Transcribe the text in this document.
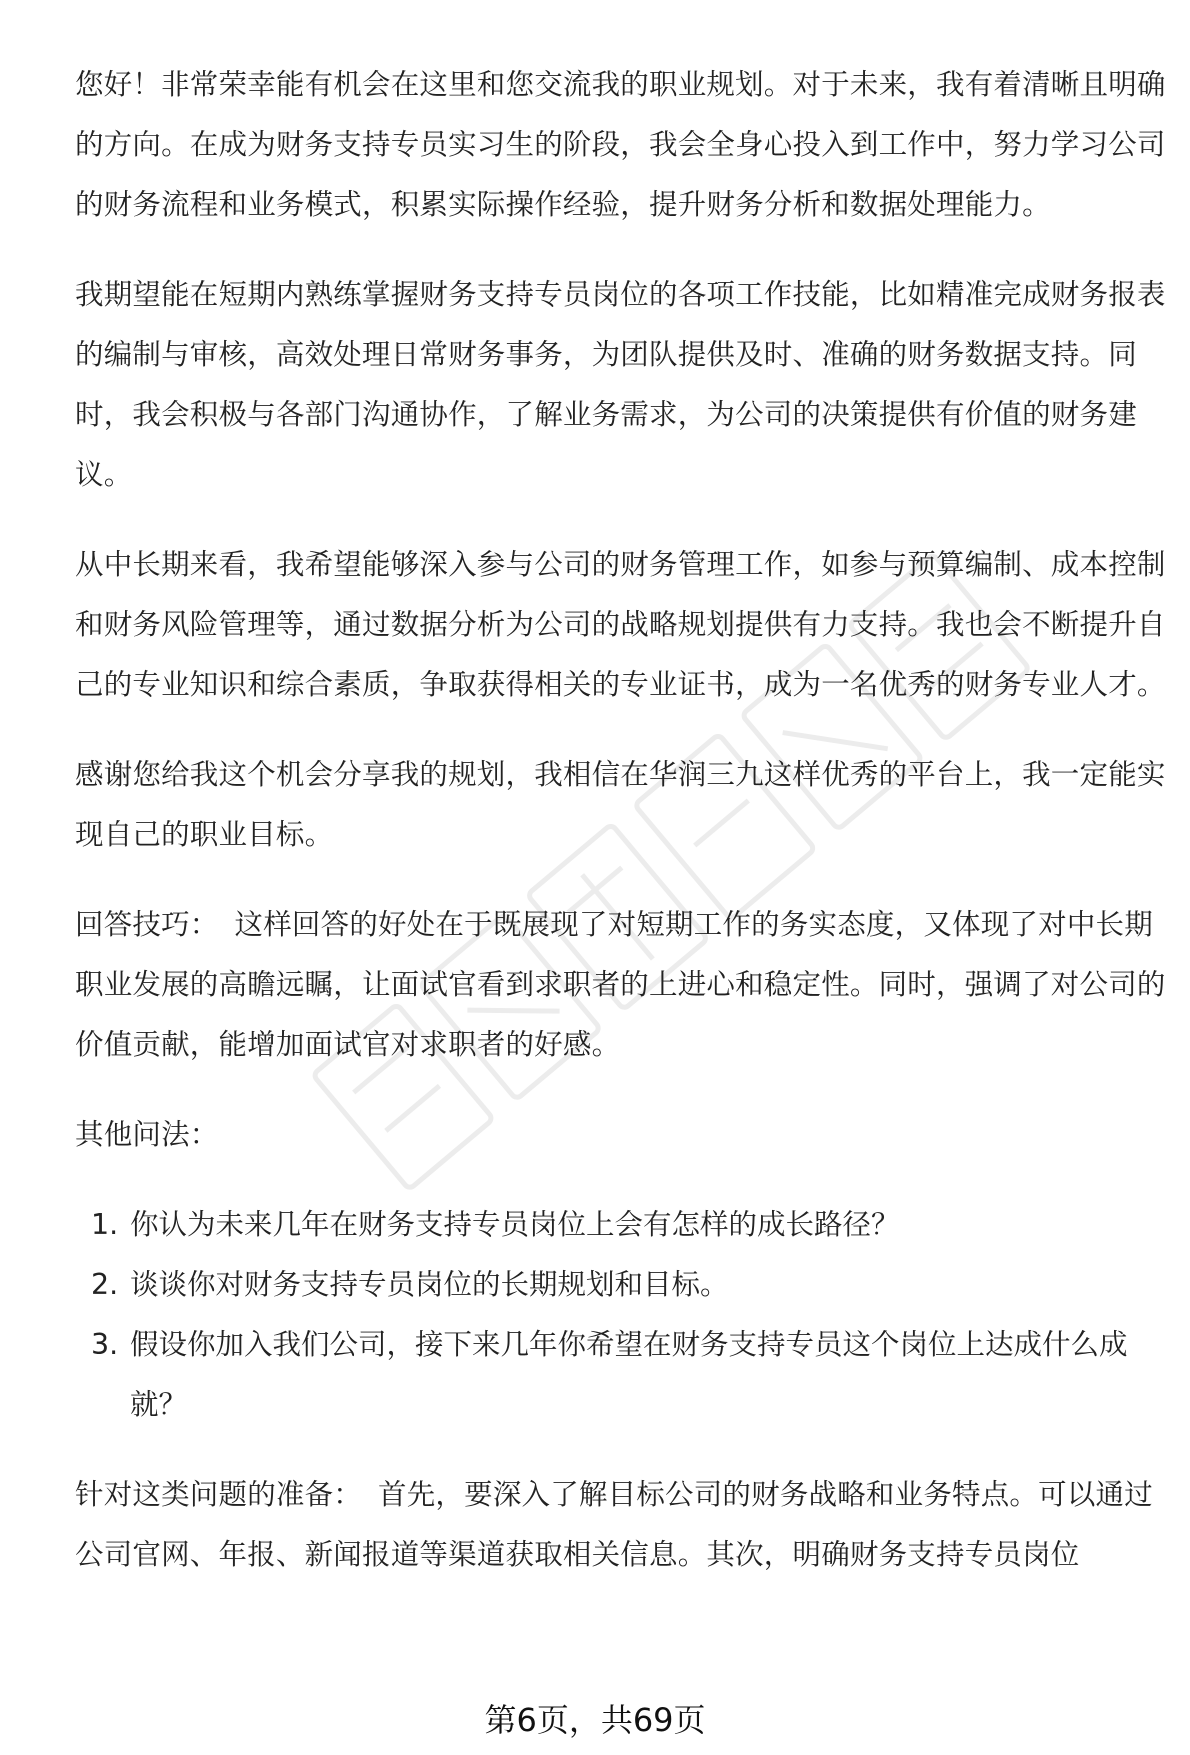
您好！非常荣幸能有机会在这里和您交流我的职业规划。对于未来，我有着清晰且明确的方向。在成为财务支持专员实习生的阶段，我会全身心投入到工作中，努力学习公司的财务流程和业务模式，积累实际操作经验，提升财务分析和数据处理能力。

我期望能在短期内熟练掌握财务支持专员岗位的各项工作技能，比如精准完成财务报表的编制与审核，高效处理日常财务事务，为团队提供及时、准确的财务数据支持。同时，我会积极与各部门沟通协作，了解业务需求，为公司的决策提供有价值的财务建议。

从中长期来看，我希望能够深入参与公司的财务管理工作，如参与预算编制、成本控制和财务风险管理等，通过数据分析为公司的战略规划提供有力支持。我也会不断提升自己的专业知识和综合素质，争取获得相关的专业证书，成为一名优秀的财务专业人才。

感谢您给我这个机会分享我的规划，我相信在华润三九这样优秀的平台上，我一定能实现自己的职业目标。

回答技巧： 这样回答的好处在于既展现了对短期工作的务实态度，又体现了对中长期职业发展的高瞻远瞩，让面试官看到求职者的上进心和稳定性。同时，强调了对公司的价值贡献，能增加面试官对求职者的好感。

其他问法：

1. 你认为未来几年在财务支持专员岗位上会有怎样的成长路径？
2. 谈谈你对财务支持专员岗位的长期规划和目标。
3. 假设你加入我们公司，接下来几年你希望在财务支持专员这个岗位上达成什么成就？

针对这类问题的准备： 首先，要深入了解目标公司的财务战略和业务特点。可以通过公司官网、年报、新闻报道等渠道获取相关信息。其次，明确财务支持专员岗位

第6页，共69页
